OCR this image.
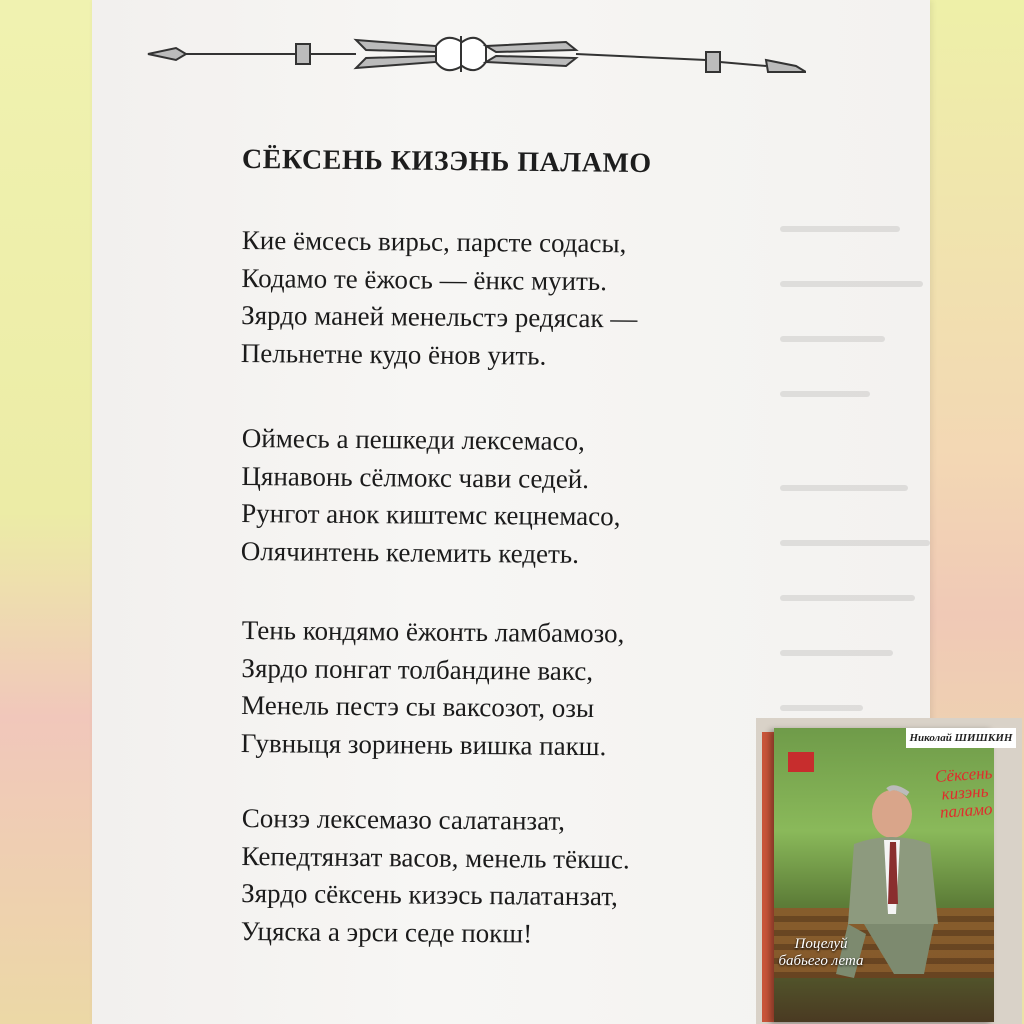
СЁКСЕНЬ КИЗЭНЬ ПАЛАМО
Кие ёмсесь вирьс, парсте содасы,
Кодамо те ёжось — ёнкс муить.
Зярдо маней менельстэ редясак —
Пельнетне кудо ёнов уить.
Оймесь а пешкеди лексемасо,
Цянавонь сёлмокс чави седей.
Рунгот анок киштемс кецнемасо,
Олячинтень келемить кедеть.
Тень кондямо ёжонть ламбамозо,
Зярдо понгат толбандине вакс,
Менель пестэ сы ваксозот, озы
Гувныця зоринень вишка пакш.
Сонзэ лексемазо салатанзат,
Кепедтянзат васов, менель тёкшс.
Зярдо сёксень кизэсь палатанзат,
Уцяска а эрси седе покш!
Николай ШИШКИН
Сёксень кизэнь паламо
Поцелуй бабьего лета
